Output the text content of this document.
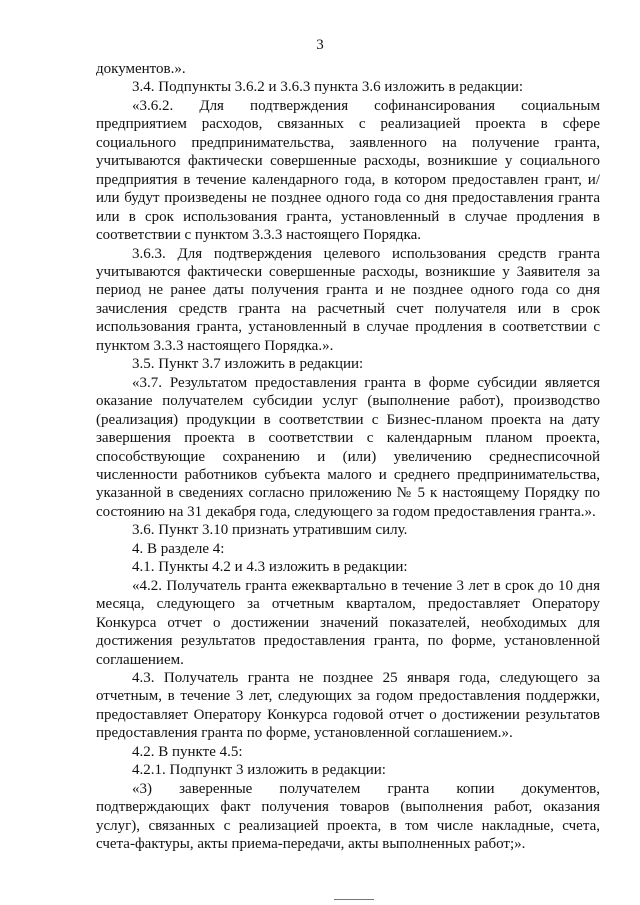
3

документов.».

3.4. Подпункты 3.6.2 и 3.6.3 пункта 3.6 изложить в редакции:

«3.6.2. Для подтверждения софинансирования социальным предприятием расходов, связанных с реализацией проекта в сфере социального предпринимательства, заявленного на получение гранта, учитываются фактически совершенные расходы, возникшие у социального предприятия в течение календарного года, в котором предоставлен грант, и/или будут произведены не позднее одного года со дня предоставления гранта или в срок использования гранта, установленный в случае продления в соответствии с пунктом 3.3.3 настоящего Порядка.

3.6.3. Для подтверждения целевого использования средств гранта учитываются фактически совершенные расходы, возникшие у Заявителя за период не ранее даты получения гранта и не позднее одного года со дня зачисления средств гранта на расчетный счет получателя или в срок использования гранта, установленный в случае продления в соответствии с пунктом 3.3.3 настоящего Порядка.».

3.5. Пункт 3.7 изложить в редакции:

«3.7. Результатом предоставления гранта в форме субсидии является оказание получателем субсидии услуг (выполнение работ), производство (реализация) продукции в соответствии с Бизнес-планом проекта на дату завершения проекта в соответствии с календарным планом проекта, способствующие сохранению и (или) увеличению среднесписочной численности работников субъекта малого и среднего предпринимательства, указанной в сведениях согласно приложению № 5 к настоящему Порядку по состоянию на 31 декабря года, следующего за годом предоставления гранта.».

3.6. Пункт 3.10 признать утратившим силу.

4. В разделе 4:

4.1. Пункты 4.2 и 4.3 изложить в редакции:

«4.2. Получатель гранта ежеквартально в течение 3 лет в срок до 10 дня месяца, следующего за отчетным кварталом, предоставляет Оператору Конкурса отчет о достижении значений показателей, необходимых для достижения результатов предоставления гранта, по форме, установленной соглашением.

4.3. Получатель гранта не позднее 25 января года, следующего за отчетным, в течение 3 лет, следующих за годом предоставления поддержки, предоставляет Оператору Конкурса годовой отчет о достижении результатов предоставления гранта по форме, установленной соглашением.».

4.2. В пункте 4.5:

4.2.1. Подпункт 3 изложить в редакции:

«3) заверенные получателем гранта копии документов, подтверждающих факт получения товаров (выполнения работ, оказания услуг), связанных с реализацией проекта, в том числе накладные, счета, счета-фактуры, акты приема-передачи, акты выполненных работ;».
